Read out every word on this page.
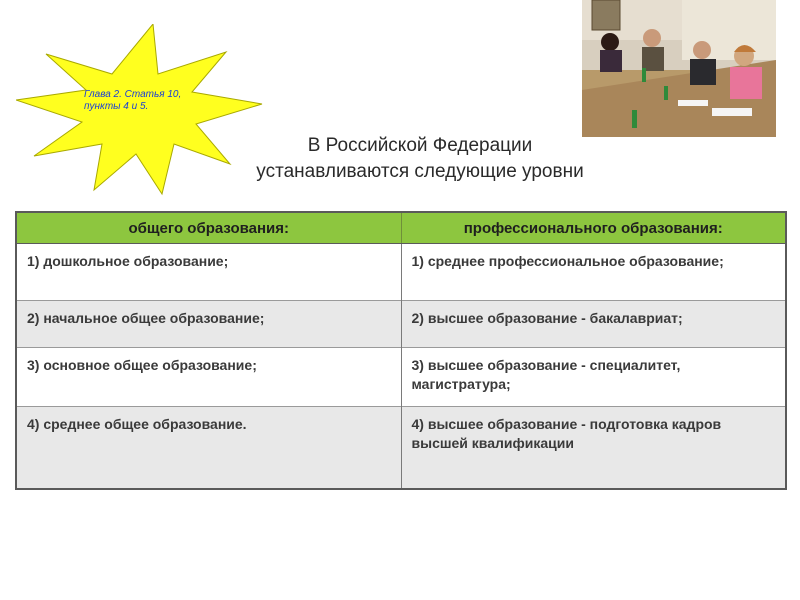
Глава 2. Статья 10, пункты 4 и 5.
В Российской Федерации
устанавливаются следующие уровни
общего образования:	профессионального образования:
1) дошкольное образование;	1) среднее профессиональное образование;
2) начальное общее образование;	2) высшее образование - бакалавриат;
3) основное общее образование;	3) высшее образование - специалитет, магистратура;
4) среднее общее образование.	4) высшее образование - подготовка кадров высшей квалификации
